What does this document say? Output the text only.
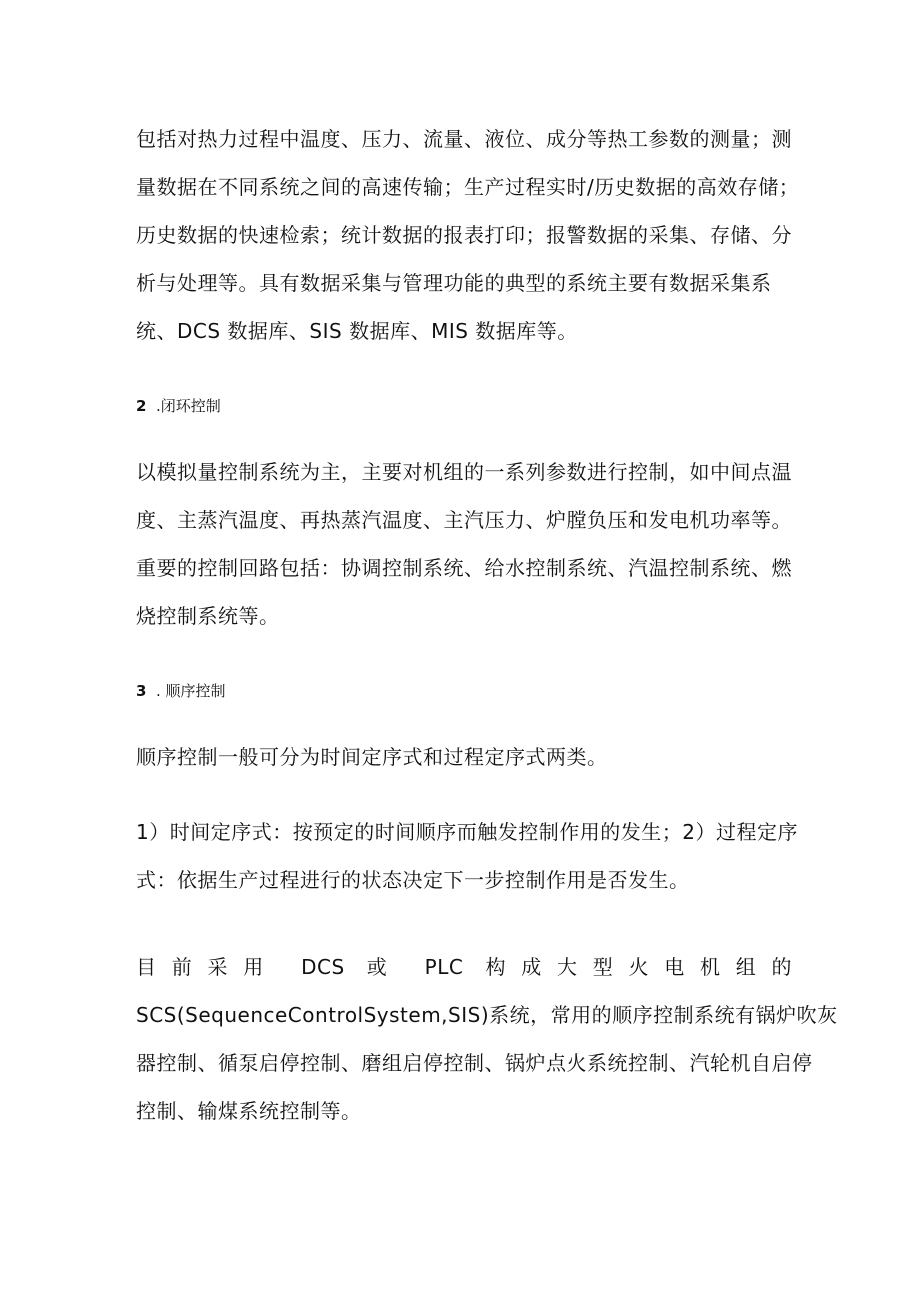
包括对热力过程中温度、压力、流量、液位、成分等热工参数的测量；测
量数据在不同系统之间的高速传输；生产过程实时/历史数据的高效存储；
历史数据的快速检索；统计数据的报表打印；报警数据的采集、存储、分
析与处理等。具有数据采集与管理功能的典型的系统主要有数据采集系
统、DCS 数据库、SIS 数据库、MIS 数据库等。
2 .闭环控制
以模拟量控制系统为主，主要对机组的一系列参数进行控制，如中间点温
度、主蒸汽温度、再热蒸汽温度、主汽压力、炉膛负压和发电机功率等。
重要的控制回路包括：协调控制系统、给水控制系统、汽温控制系统、燃
烧控制系统等。
3 . 顺序控制
顺序控制一般可分为时间定序式和过程定序式两类。
1）时间定序式：按预定的时间顺序而触发控制作用的发生；2）过程定序
式：依据生产过程进行的状态决定下一步控制作用是否发生。
目前采用 DCS 或 PLC 构成大型火电机组的
SCS(SequenceControlSystem,SIS)系统，常用的顺序控制系统有锅炉吹灰
器控制、循泵启停控制、磨组启停控制、锅炉点火系统控制、汽轮机自启停
控制、输煤系统控制等。
